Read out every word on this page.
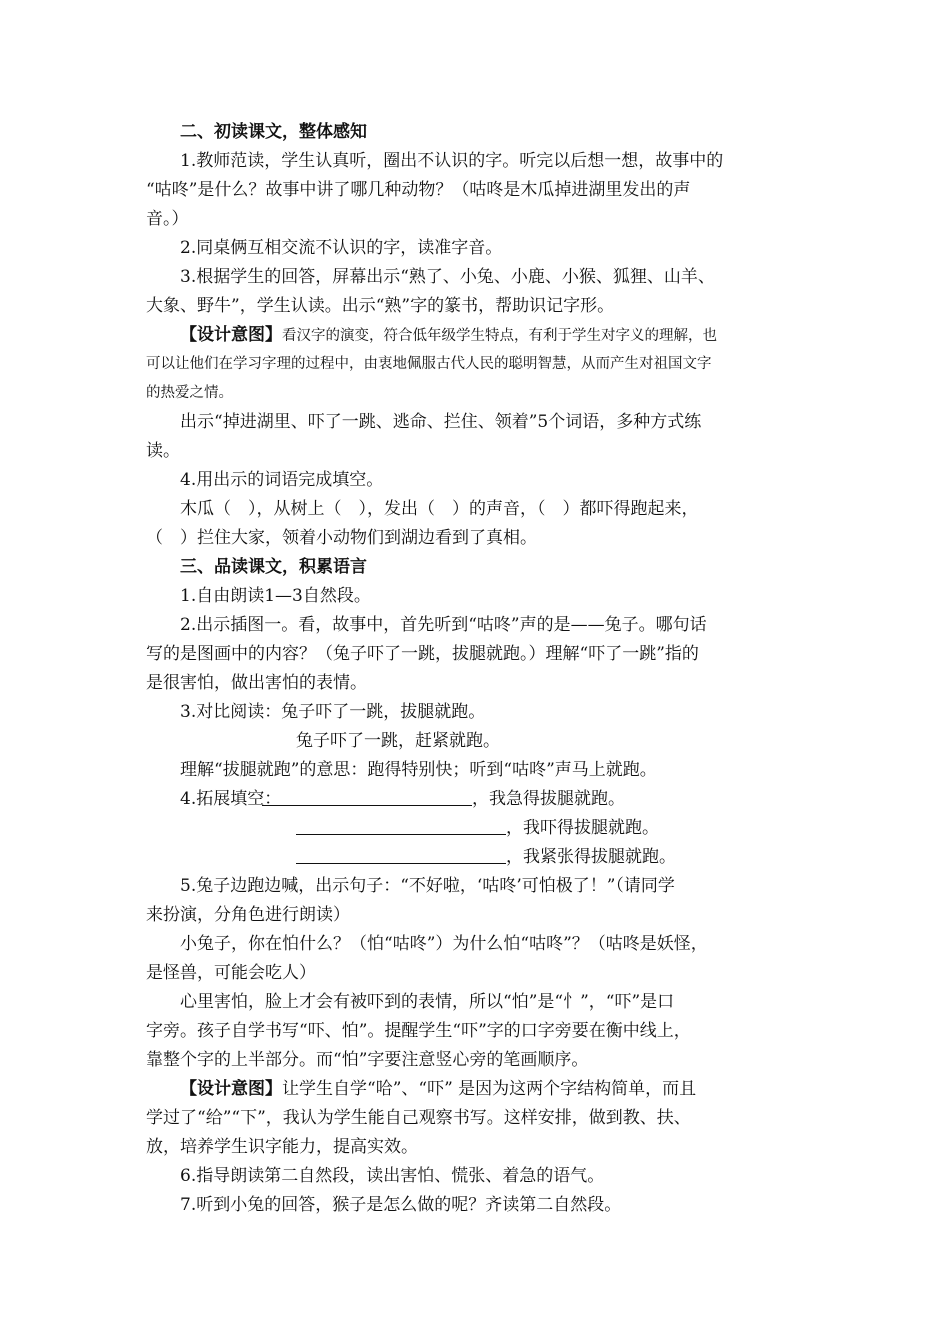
二、初读课文，整体感知
1.教师范读，学生认真听，圈出不认识的字。听完以后想一想，故事中的
“咕咚”是什么？故事中讲了哪几种动物？（咕咚是木瓜掉进湖里发出的声
音。）
2.同桌俩互相交流不认识的字，读准字音。
3.根据学生的回答，屏幕出示“熟了、小兔、小鹿、小猴、狐狸、山羊、
大象、野牛”，学生认读。出示“熟”字的篆书，帮助识记字形。
【设计意图】看汉字的演变，符合低年级学生特点，有利于学生对字义的理解，也
可以让他们在学习字理的过程中，由衷地佩服古代人民的聪明智慧，从而产生对祖国文字
的热爱之情。
出示“掉进湖里、吓了一跳、逃命、拦住、领着”5个词语，多种方式练
读。
4.用出示的词语完成填空。
木瓜（　），从树上（　），发出（　）的声音，（　）都吓得跑起来，
（　）拦住大家，领着小动物们到湖边看到了真相。
三、品读课文，积累语言
1.自由朗读1—3自然段。
2.出示插图一。看，故事中，首先听到“咕咚”声的是——兔子。哪句话
写的是图画中的内容？（兔子吓了一跳，拔腿就跑。）理解“吓了一跳”指的
是很害怕，做出害怕的表情。
3.对比阅读：兔子吓了一跳，拔腿就跑。
兔子吓了一跳，赶紧就跑。
理解“拔腿就跑”的意思：跑得特别快；听到“咕咚”声马上就跑。
4.拓展填空：	，我急得拔腿就跑。
，我吓得拔腿就跑。
，我紧张得拔腿就跑。
5.兔子边跑边喊，出示句子：“不好啦，‘咕咚’可怕极了！”（请同学
来扮演，分角色进行朗读）
小兔子，你在怕什么？（怕“咕咚”）为什么怕“咕咚”？（咕咚是妖怪，
是怪兽，可能会吃人）
心里害怕，脸上才会有被吓到的表情，所以“怕”是“忄”，“吓”是口
字旁。孩子自学书写“吓、怕”。提醒学生“吓”字的口字旁要在衡中线上，
靠整个字的上半部分。而“怕”字要注意竖心旁的笔画顺序。
【设计意图】让学生自学“哈”、“吓” 是因为这两个字结构简单，而且
学过了“给”“下”，我认为学生能自己观察书写。这样安排，做到教、扶、
放，培养学生识字能力，提高实效。
6.指导朗读第二自然段，读出害怕、慌张、着急的语气。
7.听到小兔的回答，猴子是怎么做的呢？齐读第二自然段。
